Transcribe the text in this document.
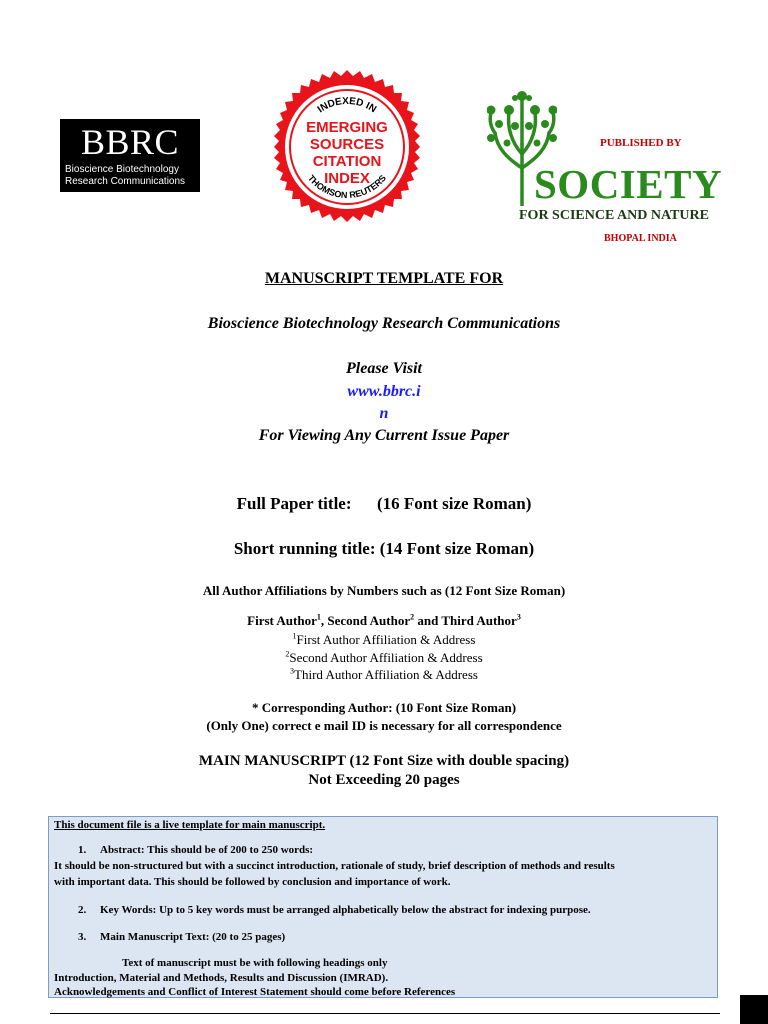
BBRC
Bioscience Biotechnology
Research Communications
INDEXED IN
THOMSON REUTERS
EMERGING
SOURCES
CITATION
INDEX
PUBLISHED BY
SOCIETY
FOR SCIENCE AND NATURE
BHOPAL INDIA
MANUSCRIPT TEMPLATE FOR
Bioscience Biotechnology Research Communications
Please Visit
www.bbrc.i
n
For Viewing Any Current Issue Paper
Full Paper title:      (16 Font size Roman)
Short running title: (14 Font size Roman)
All Author Affiliations by Numbers such as (12 Font Size Roman)
First Author$^1$, Second Author$^2$ and Third Author$^3$
$^1$First Author Affiliation & Address
$^2$Second Author Affiliation & Address
$^3$Third Author Affiliation & Address
* Corresponding Author: (10 Font Size Roman)
(Only One) correct e mail ID is necessary for all correspondence
MAIN MANUSCRIPT (12 Font Size with double spacing)
Not Exceeding 20 pages
This document file is a live template for main manuscript.
1. Abstract: This should be of 200 to 250 words:
It should be non-structured but with a succinct introduction, rationale of study, brief description of methods and results
with important data. This should be followed by conclusion and importance of work.
2. Key Words: Up to 5 key words must be arranged alphabetically below the abstract for indexing purpose.
3. Main Manuscript Text: (20 to 25 pages)
Text of manuscript must be with following headings only
Introduction, Material and Methods, Results and Discussion (IMRAD).
Acknowledgements and Conflict of Interest Statement should come before References
